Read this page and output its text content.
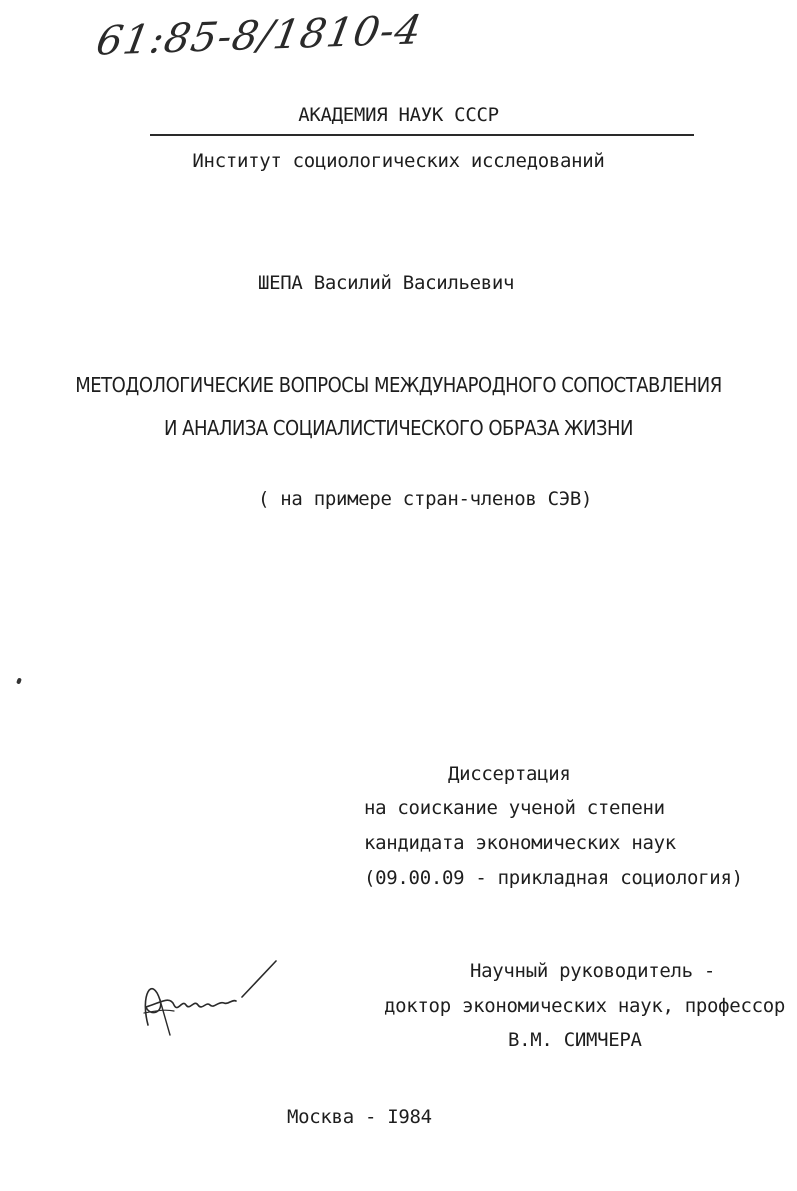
61:85-8/1810-4

АКАДЕМИЯ НАУК СССР

Институт социологических исследований

ШЕПА Василий Васильевич

МЕТОДОЛОГИЧЕСКИЕ ВОПРОСЫ МЕЖДУНАРОДНОГО СОПОСТАВЛЕНИЯ

И АНАЛИЗА СОЦИАЛИСТИЧЕСКОГО ОБРАЗА ЖИЗНИ

( на примере стран-членов СЭВ)

Диссертация

на соискание ученой степени

кандидата экономических наук

(09.00.09 - прикладная социология)

Научный руководитель -

доктор экономических наук, профессор

В.М. СИМЧЕРА

Москва - I984
